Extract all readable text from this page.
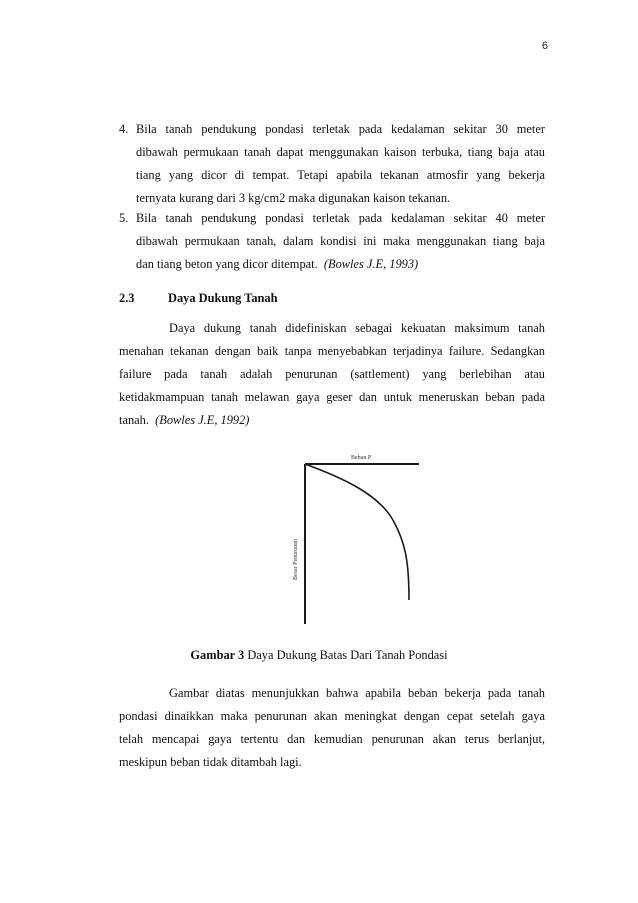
6
4. Bila tanah pendukung pondasi terletak pada kedalaman sekitar 30 meter
dibawah permukaan tanah dapat menggunakan kaison terbuka, tiang baja atau
tiang yang dicor di tempat. Tetapi apabila tekanan atmosfir yang bekerja
ternyata kurang dari 3 kg/cm2 maka digunakan kaison tekanan.
5. Bila tanah pendukung pondasi terletak pada kedalaman sekitar 40 meter
dibawah permukaan tanah, dalam kondisi ini maka menggunakan tiang baja
dan tiang beton yang dicor ditempat. (Bowles J.E, 1993)
2.3	Daya Dukung Tanah
Daya dukung tanah didefiniskan sebagai kekuatan maksimum tanah
menahan tekanan dengan baik tanpa menyebabkan terjadinya failure. Sedangkan
failure pada tanah adalah penurunan (sattlement) yang berlebihan atau
ketidakmampuan tanah melawan gaya geser dan untuk meneruskan beban pada
tanah. (Bowles J.E, 1992)
Beban P
Besar Penurunan
Gambar 3 Daya Dukung Batas Dari Tanah Pondasi
Gambar diatas menunjukkan bahwa apabila beban bekerja pada tanah
pondasi dinaikkan maka penurunan akan meningkat dengan cepat setelah gaya
telah mencapai gaya tertentu dan kemudian penurunan akan terus berlanjut,
meskipun beban tidak ditambah lagi.
